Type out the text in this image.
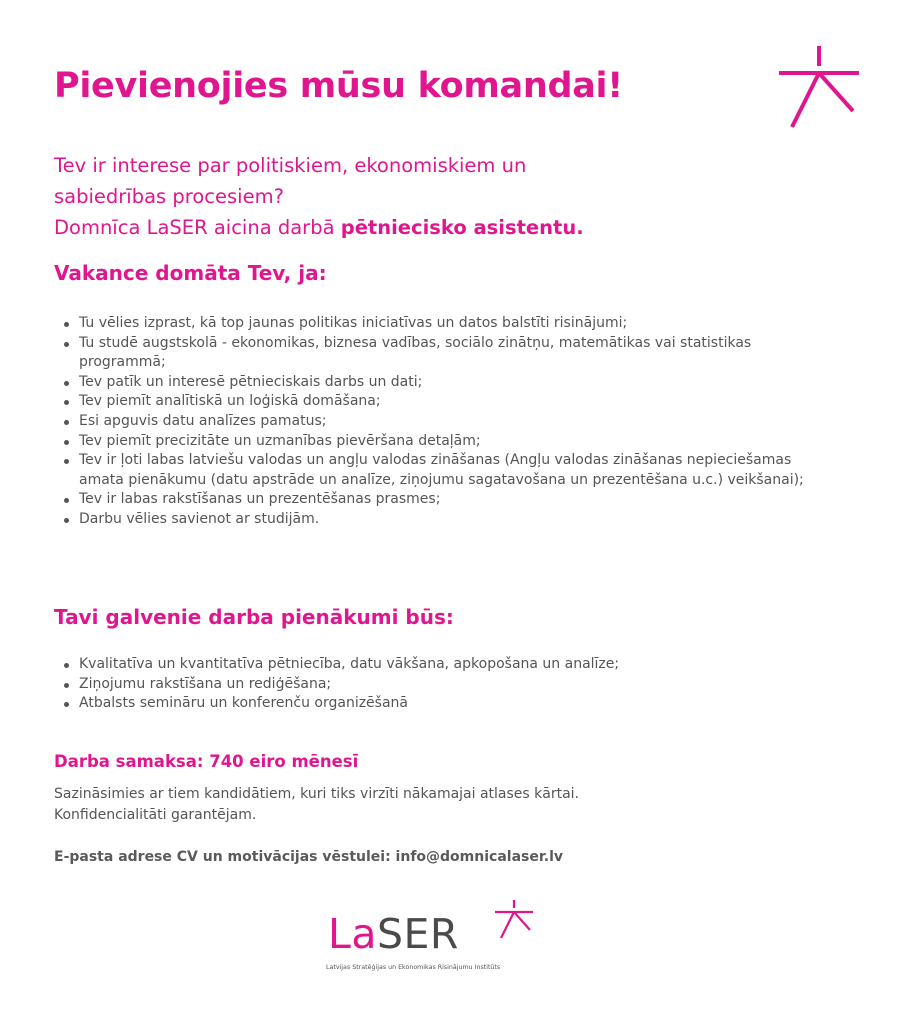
Pievienojies mūsu komandai!

Tev ir interese par politiskiem, ekonomiskiem un
sabiedrības procesiem?
Domnīca LaSER aicina darbā pētniecisko asistentu.

Vakance domāta Tev, ja:
Tu vēlies izprast, kā top jaunas politikas iniciatīvas un datos balstīti risinājumi;
Tu studē augstskolā - ekonomikas, biznesa vadības, sociālo zinātņu, matemātikas vai statistikas programmā;
Tev patīk un interesē pētnieciskais darbs un dati;
Tev piemīt analītiskā un loģiskā domāšana;
Esi apguvis datu analīzes pamatus;
Tev piemīt precizitāte un uzmanības pievēršana detaļām;
Tev ir ļoti labas latviešu valodas un angļu valodas zināšanas (Angļu valodas zināšanas nepieciešamas amata pienākumu (datu apstrāde un analīze, ziņojumu sagatavošana un prezentēšana u.c.) veikšanai);
Tev ir labas rakstīšanas un prezentēšanas prasmes;
Darbu vēlies savienot ar studijām.
Tavi galvenie darba pienākumi būs:
Kvalitatīva un kvantitatīva pētniecība, datu vākšana, apkopošana un analīze;
Ziņojumu rakstīšana un rediģēšana;
Atbalsts semināru un konferenču organizēšanā
Darba samaksa: 740 eiro mēnesī

Sazināsimies ar tiem kandidātiem, kuri tiks virzīti nākamajai atlases kārtai.
Konfidencialitāti garantējam.

E-pasta adrese CV un motivācijas vēstulei: info@domnicalaser.lv

LaSER

Latvijas Stratēģijas un Ekonomikas Risinājumu Institūts
